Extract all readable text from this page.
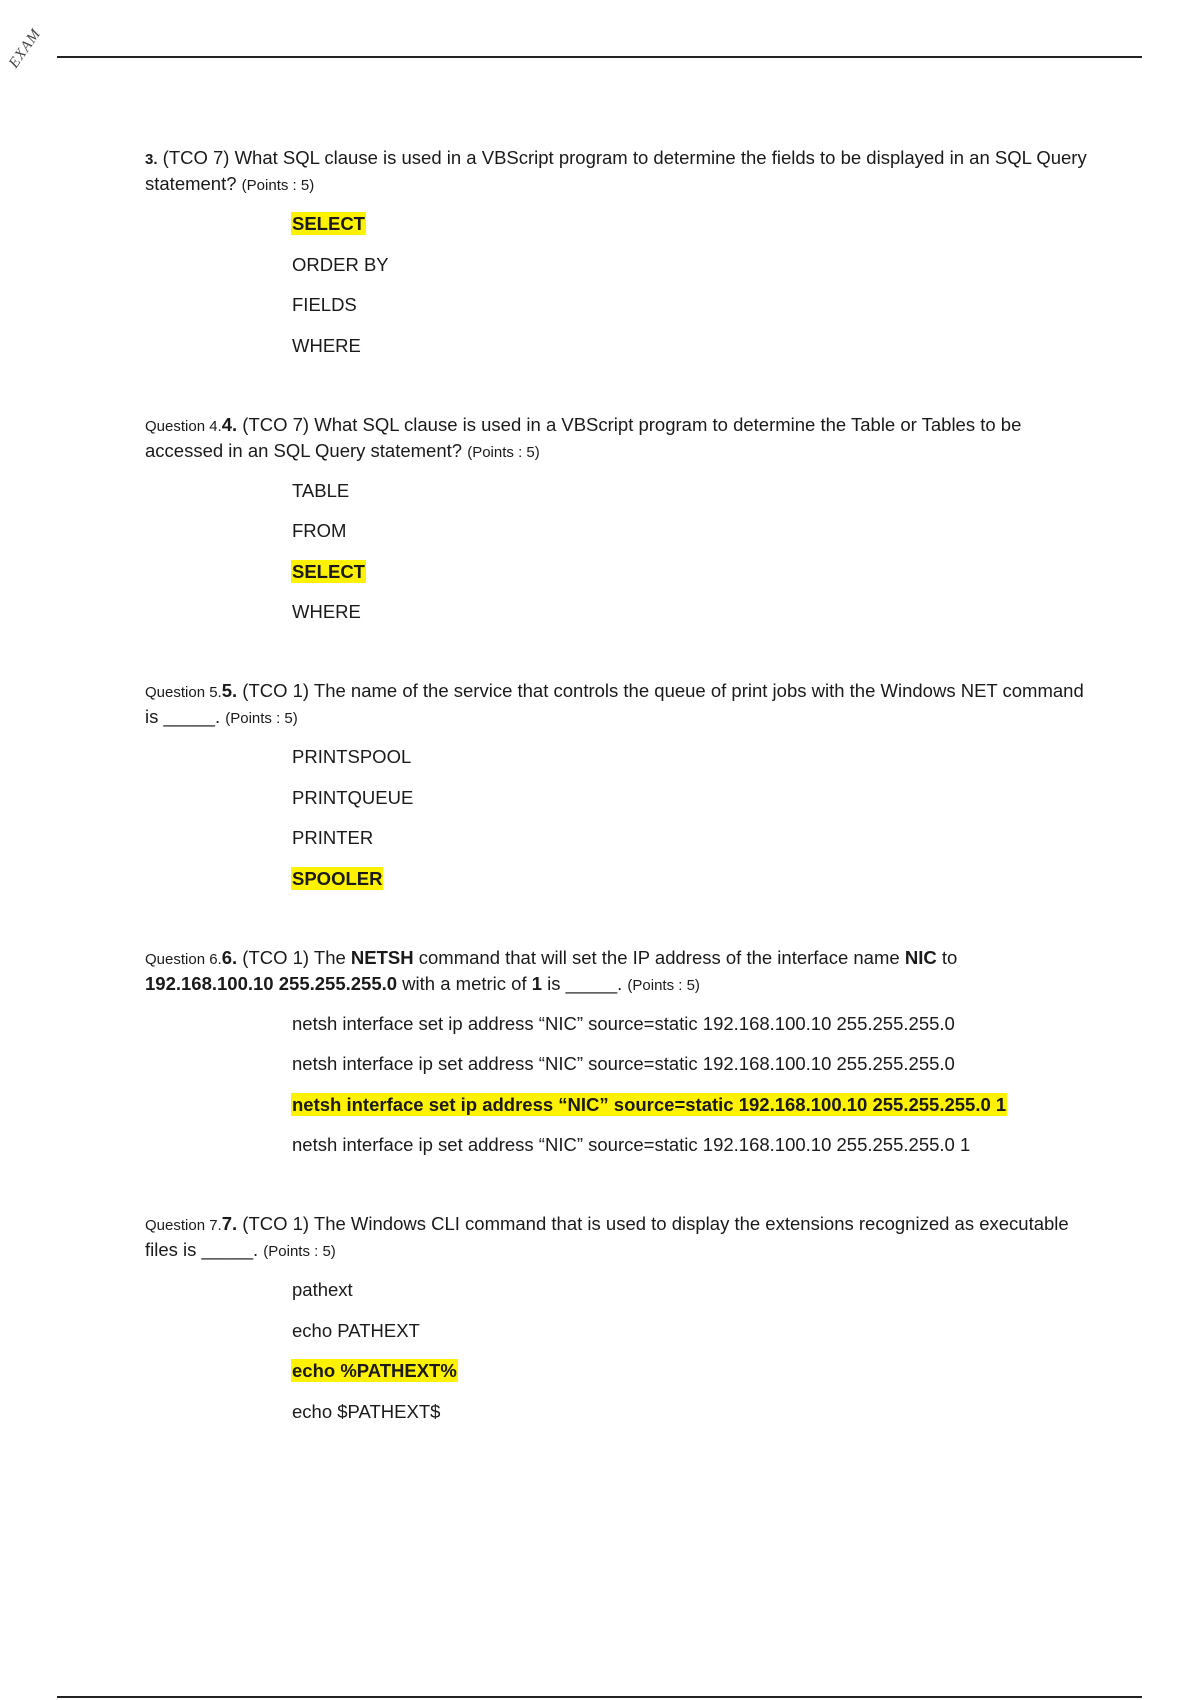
EXAM

3. (TCO 7) What SQL clause is used in a VBScript program to determine the fields to be displayed in an SQL Query statement? (Points : 5)

SELECT
ORDER BY
FIELDS
WHERE

Question 4.4. (TCO 7) What SQL clause is used in a VBScript program to determine the Table or Tables to be accessed in an SQL Query statement? (Points : 5)

TABLE
FROM
SELECT
WHERE

Question 5.5. (TCO 1) The name of the service that controls the queue of print jobs with the Windows NET command is _____. (Points : 5)

PRINTSPOOL
PRINTQUEUE
PRINTER
SPOOLER

Question 6.6. (TCO 1) The NETSH command that will set the IP address of the interface name NIC to 192.168.100.10 255.255.255.0 with a metric of 1 is _____. (Points : 5)

netsh interface set ip address “NIC” source=static 192.168.100.10 255.255.255.0
netsh interface ip set address “NIC” source=static 192.168.100.10 255.255.255.0
netsh interface set ip address “NIC” source=static 192.168.100.10 255.255.255.0 1
netsh interface ip set address “NIC” source=static 192.168.100.10 255.255.255.0 1

Question 7.7. (TCO 1) The Windows CLI command that is used to display the extensions recognized as executable files is _____. (Points : 5)

pathext
echo PATHEXT
echo %PATHEXT%
echo $PATHEXT$
